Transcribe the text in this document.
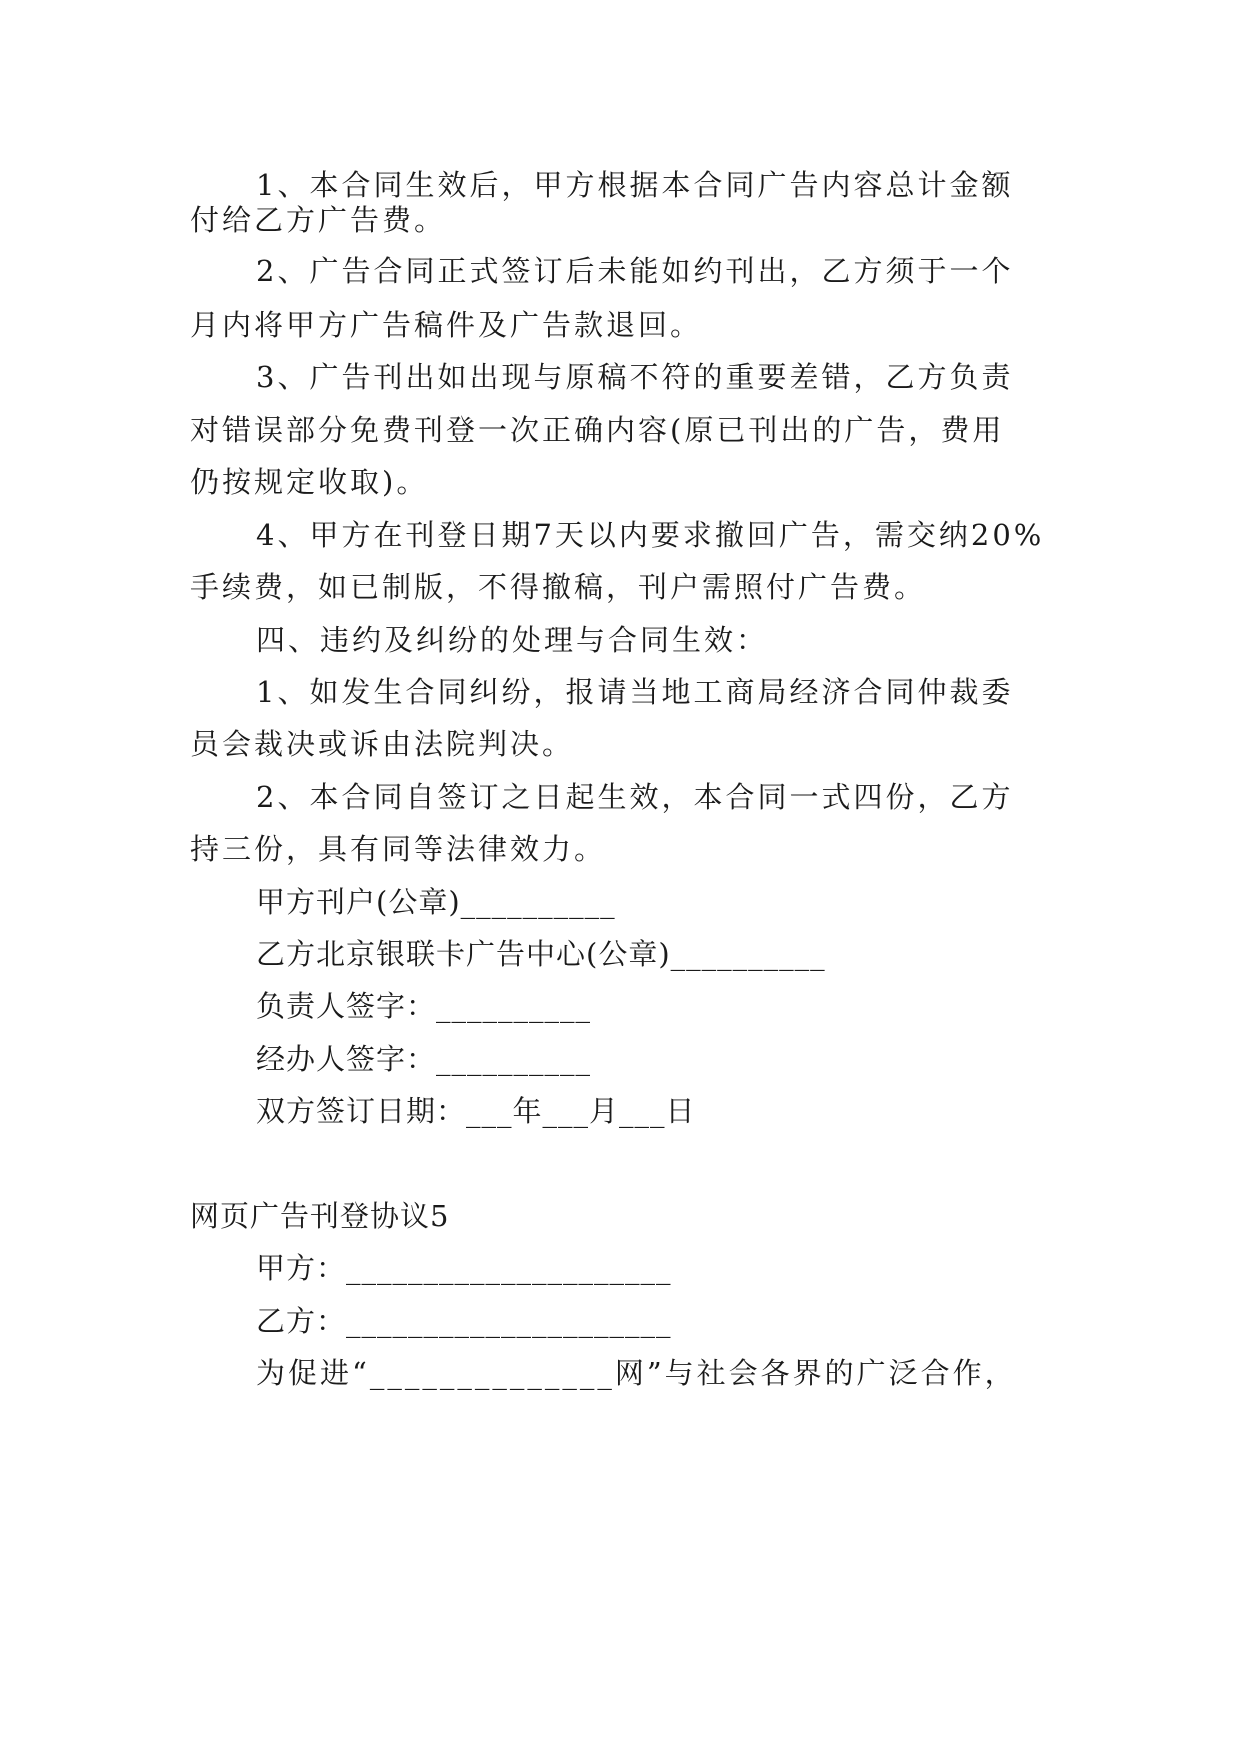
1、本合同生效后，甲方根据本合同广告内容总计金额
付给乙方广告费。
2、广告合同正式签订后未能如约刊出，乙方须于一个
月内将甲方广告稿件及广告款退回。
3、广告刊出如出现与原稿不符的重要差错，乙方负责
对错误部分免费刊登一次正确内容(原已刊出的广告，费用
仍按规定收取)。
4、甲方在刊登日期7天以内要求撤回广告，需交纳20%
手续费，如已制版，不得撤稿，刊户需照付广告费。
四、违约及纠纷的处理与合同生效：
1、如发生合同纠纷，报请当地工商局经济合同仲裁委
员会裁决或诉由法院判决。
2、本合同自签订之日起生效，本合同一式四份，乙方
持三份，具有同等法律效力。
甲方刊户(公章)__________
乙方北京银联卡广告中心(公章)__________
负责人签字：__________
经办人签字：__________
双方签订日期：___年___月___日
网页广告刊登协议5
甲方：_____________________
乙方：_____________________
为促进“______________网”与社会各界的广泛合作，
